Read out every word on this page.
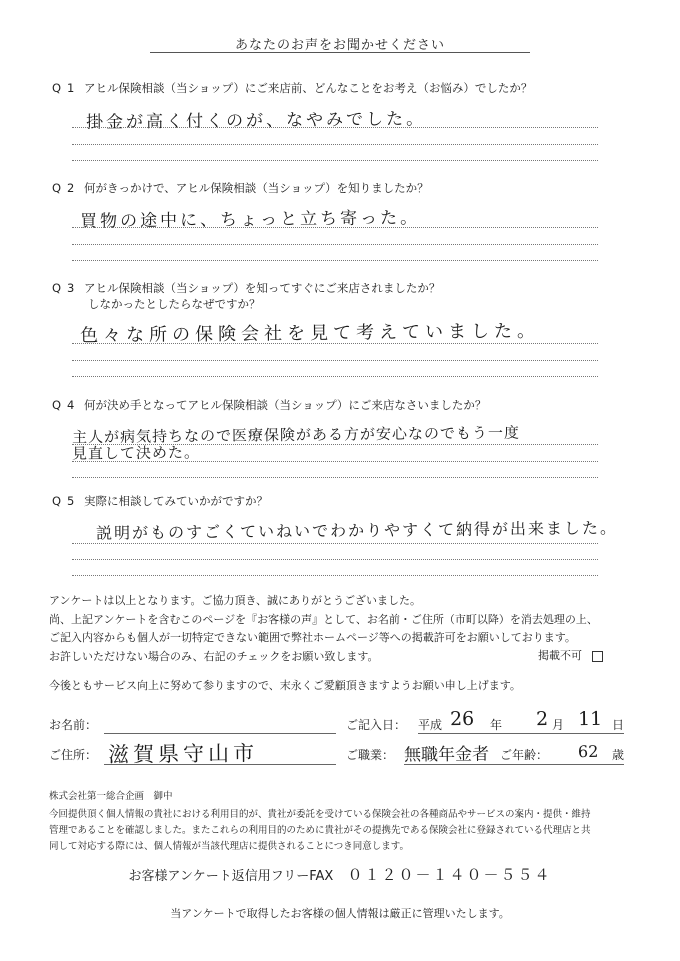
あなたのお声をお聞かせください
Q1 アヒル保険相談（当ショップ）にご来店前、どんなことをお考え（お悩み）でしたか？
掛金が高く付くのが、なやみでした。
Q2 何がきっかけで、アヒル保険相談（当ショップ）を知りましたか？
買物の途中に、ちょっと立ち寄った。
Q3 アヒル保険相談（当ショップ）を知ってすぐにご来店されましたか？
しなかったとしたらなぜですか？
色々な所の保険会社を見て考えていました。
Q4 何が決め手となってアヒル保険相談（当ショップ）にご来店なさいましたか？
主人が病気持ちなので医療保険がある方が安心なのでもう一度
見直して決めた。
Q5 実際に相談してみていかがですか？
説明がものすごくていねいでわかりやすくて納得が出来ました。
アンケートは以上となります。ご協力頂き、誠にありがとうございました。
尚、上記アンケートを含むこのページを『お客様の声』として、お名前・ご住所（市町以降）を消去処理の上、
ご記入内容からも個人が一切特定できない範囲で弊社ホームページ等への掲載許可をお願いしております。
お許しいただけない場合のみ、右記のチェックをお願い致します。	掲載不可
今後ともサービス向上に努めて参りますので、末永くご愛顧頂きますようお願い申し上げます。
お名前：	ご記入日： 平成 26 年 2 月 11 日
ご住所： 滋賀県守山市	ご職業： 無職年金者 ご年齢： 62 歳
株式会社第一総合企画　御中
今回提供頂く個人情報の貴社における利用目的が、貴社が委託を受けている保険会社の各種商品やサービスの案内・提供・維持
管理であることを確認しました。またこれらの利用目的のために貴社がその提携先である保険会社に登録されている代理店と共
同して対応する際には、個人情報が当該代理店に提供されることにつき同意します。
お客様アンケート返信用フリーFAX ０１２０－１４０－５５４
当アンケートで取得したお客様の個人情報は厳正に管理いたします。
